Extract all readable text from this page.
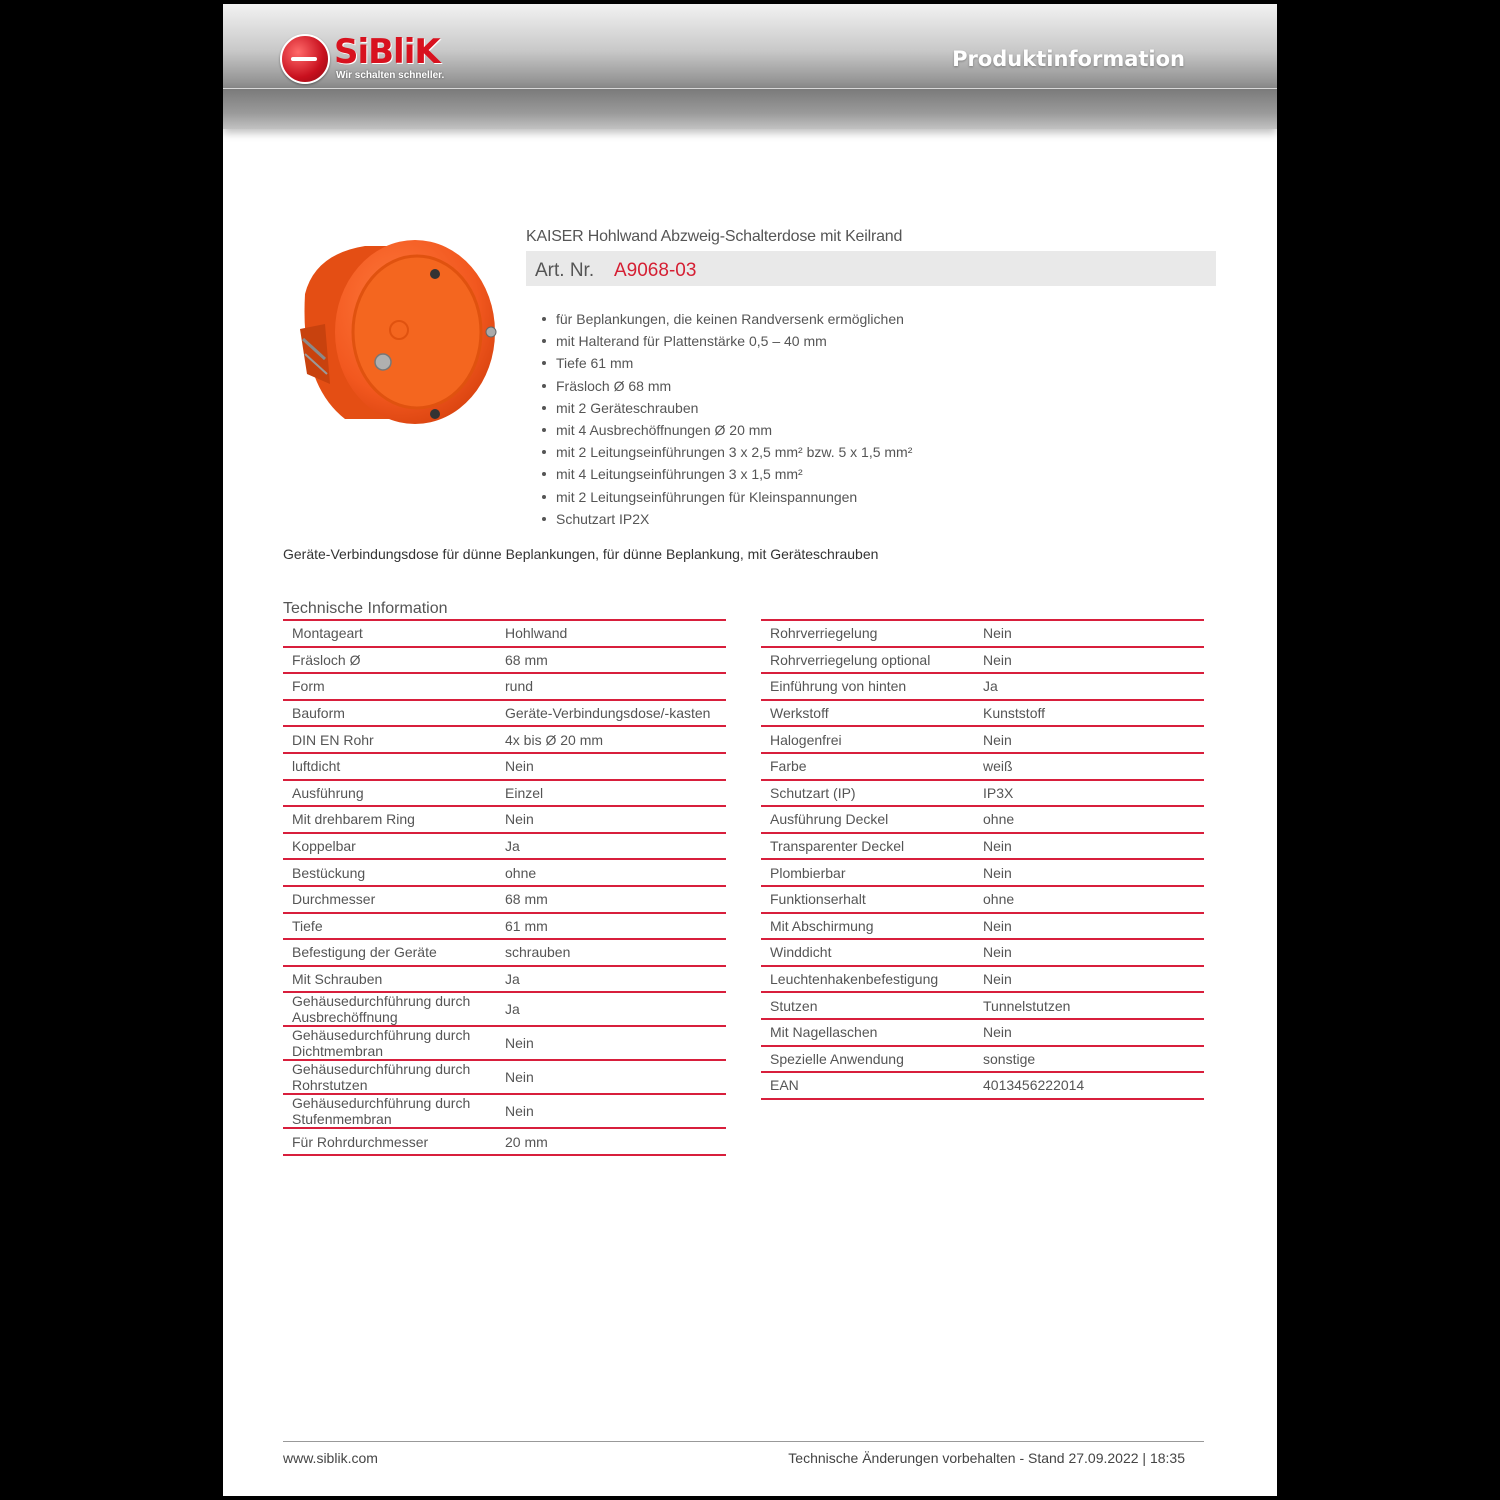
SiBliK
Wir schalten schneller.
Produktinformation
KAISER Hohlwand Abzweig-Schalterdose mit Keilrand
Art. Nr. A9068-03
für Beplankungen, die keinen Randversenk ermöglichen
mit Halterand für Plattenstärke 0,5 – 40 mm
Tiefe 61 mm
Fräsloch Ø 68 mm
mit 2 Geräteschrauben
mit 4 Ausbrechöffnungen Ø 20 mm
mit 2 Leitungseinführungen 3 x 2,5 mm² bzw. 5 x 1,5 mm²
mit 4 Leitungseinführungen 3 x 1,5 mm²
mit 2 Leitungseinführungen für Kleinspannungen
Schutzart IP2X
Geräte-Verbindungsdose für dünne Beplankungen, für dünne Beplankung, mit Geräteschrauben
Technische Information
Montageart	Hohlwand
Fräsloch Ø	68 mm
Form	rund
Bauform	Geräte-Verbindungsdose/-kasten
DIN EN Rohr	4x bis Ø 20 mm
luftdicht	Nein
Ausführung	Einzel
Mit drehbarem Ring	Nein
Koppelbar	Ja
Bestückung	ohne
Durchmesser	68 mm
Tiefe	61 mm
Befestigung der Geräte	schrauben
Mit Schrauben	Ja
Gehäusedurchführung durch Ausbrechöffnung	Ja
Gehäusedurchführung durch Dichtmembran	Nein
Gehäusedurchführung durch Rohrstutzen	Nein
Gehäusedurchführung durch Stufenmembran	Nein
Für Rohrdurchmesser	20 mm
Rohrverriegelung	Nein
Rohrverriegelung optional	Nein
Einführung von hinten	Ja
Werkstoff	Kunststoff
Halogenfrei	Nein
Farbe	weiß
Schutzart (IP)	IP3X
Ausführung Deckel	ohne
Transparenter Deckel	Nein
Plombierbar	Nein
Funktionserhalt	ohne
Mit Abschirmung	Nein
Winddicht	Nein
Leuchtenhakenbefestigung	Nein
Stutzen	Tunnelstutzen
Mit Nagellaschen	Nein
Spezielle Anwendung	sonstige
EAN	4013456222014
www.siblik.com	Technische Änderungen vorbehalten - Stand 27.09.2022 | 18:35
